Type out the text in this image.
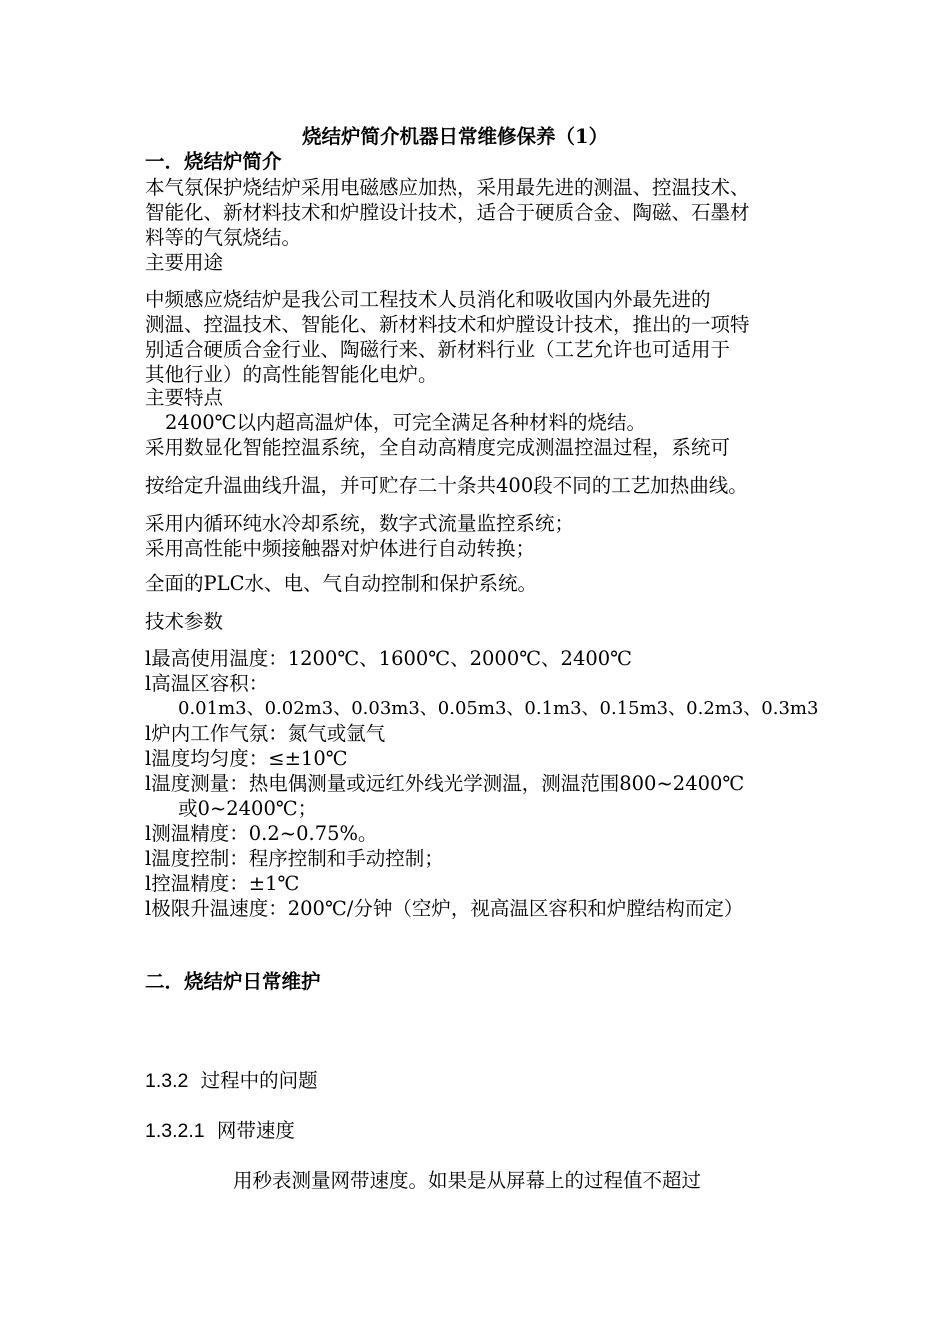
烧结炉简介机器日常维修保养（1）
一．烧结炉简介
本气氛保护烧结炉采用电磁感应加热，采用最先进的测温、控温技术、
智能化、新材料技术和炉膛设计技术，适合于硬质合金、陶磁、石墨材
料等的气氛烧结。
主要用途
中频感应烧结炉是我公司工程技术人员消化和吸收国内外最先进的
测温、控温技术、智能化、新材料技术和炉膛设计技术，推出的一项特
别适合硬质合金行业、陶磁行来、新材料行业（工艺允许也可适用于
其他行业）的高性能智能化电炉。
主要特点
2400℃以内超高温炉体，可完全满足各种材料的烧结。
采用数显化智能控温系统，全自动高精度完成测温控温过程，系统可
按给定升温曲线升温，并可贮存二十条共400段不同的工艺加热曲线。
采用内循环纯水冷却系统，数字式流量监控系统；
采用高性能中频接触器对炉体进行自动转换；
全面的PLC水、电、气自动控制和保护系统。
技术参数
l最高使用温度：1200℃、1600℃、2000℃、2400℃
l高温区容积：
0.01m3、0.02m3、0.03m3、0.05m3、0.1m3、0.15m3、0.2m3、0.3m3
l炉内工作气氛：氮气或氩气
l温度均匀度：≤±10℃
l温度测量：热电偶测量或远红外线光学测温，测温范围800~2400℃
或0~2400℃；
l测温精度：0.2~0.75%。
l温度控制：程序控制和手动控制；
l控温精度：±1℃
l极限升温速度：200℃/分钟（空炉，视高温区容积和炉膛结构而定）
二．烧结炉日常维护
1.3.2 过程中的问题
1.3.2.1 网带速度
用秒表测量网带速度。如果是从屏幕上的过程值不超过
